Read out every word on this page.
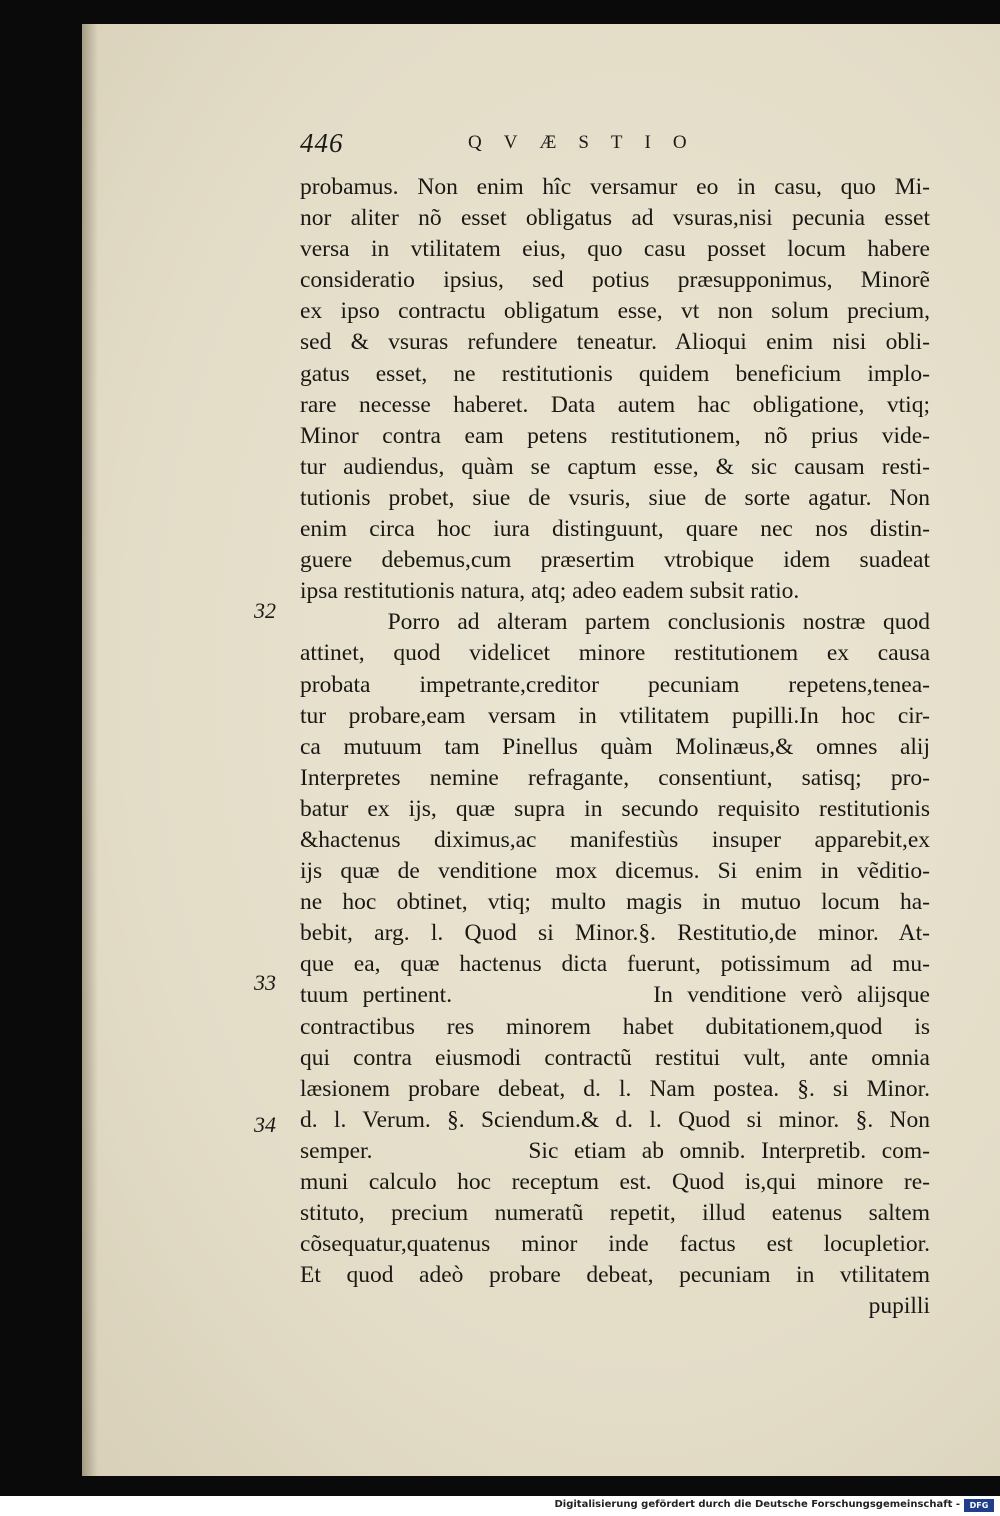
446	QVÆSTIO
probamus. Non enim hîc versamur eo in casu, quo Mi-
nor aliter nõ esset obligatus ad vsuras,nisi pecunia esset
versa in vtilitatem eius, quo casu posset locum habere
consideratio ipsius, sed potius præsupponimus, Minorẽ
ex ipso contractu obligatum esse, vt non solum precium,
sed & vsuras refundere teneatur. Alioqui enim nisi obli-
gatus esset, ne restitutionis quidem beneficium implo-
rare necesse haberet. Data autem hac obligatione, vtiq;
Minor contra eam petens restitutionem, nõ prius vide-
tur audiendus, quàm se captum esse, & sic causam resti-
tutionis probet, siue de vsuris, siue de sorte agatur. Non
enim circa hoc iura distinguunt, quare nec nos distin-
guere debemus,cum præsertim vtrobique idem suadeat
ipsa restitutionis natura, atq; adeo eadem subsit ratio.
Porro ad alteram partem conclusionis nostræ quod
attinet, quod videlicet minore restitutionem ex causa
probata impetrante,creditor pecuniam repetens,tenea-
tur probare,eam versam in vtilitatem pupilli.In hoc cir-
ca mutuum tam Pinellus quàm Molinæus,& omnes alij
Interpretes nemine refragante, consentiunt, satisq; pro-
batur ex ijs, quæ supra in secundo requisito restitutionis
&hactenus diximus,ac manifestiùs insuper apparebit,ex
ijs quæ de venditione mox dicemus. Si enim in vẽditio-
ne hoc obtinet, vtiq; multo magis in mutuo locum ha-
bebit, arg. l. Quod si Minor.§. Restitutio,de minor. At-
que ea, quæ hactenus dicta fuerunt, potissimum ad mu-
tuum pertinent.              In venditione verò alijsque
contractibus res minorem habet dubitationem,quod is
qui contra eiusmodi contractũ restitui vult, ante omnia
læsionem probare debeat, d. l. Nam postea. §. si Minor.
d. l. Verum. §. Sciendum.& d. l. Quod si minor. §. Non
semper.          Sic etiam ab omnib. Interpretib. com-
muni calculo hoc receptum est. Quod is,qui minore re-
stituto, precium numeratũ repetit, illud eatenus saltem
cõsequatur,quatenus minor inde factus est locupletior.
Et quod adeò probare debeat, pecuniam in vtilitatem
pupilli
32
33
34
Digitalisierung gefördert durch die Deutsche Forschungsgemeinschaft -	DFG
